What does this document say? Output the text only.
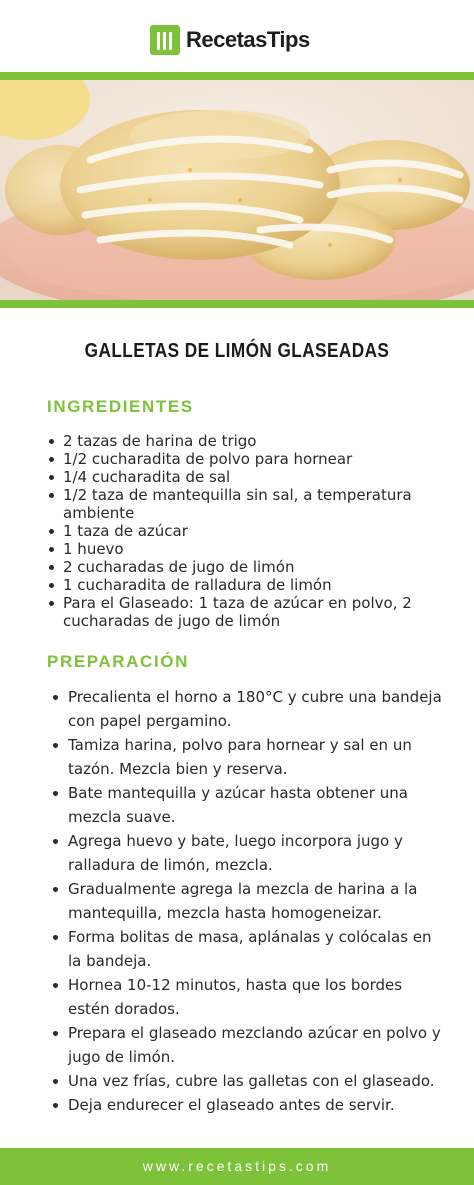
RecetasTips
GALLETAS DE LIMÓN GLASEADAS
INGREDIENTES
2 tazas de harina de trigo
1/2 cucharadita de polvo para hornear
1/4 cucharadita de sal
1/2 taza de mantequilla sin sal, a temperatura ambiente
1 taza de azúcar
1 huevo
2 cucharadas de jugo de limón
1 cucharadita de ralladura de limón
Para el Glaseado: 1 taza de azúcar en polvo, 2 cucharadas de jugo de limón
PREPARACIÓN
Precalienta el horno a 180°C y cubre una bandeja con papel pergamino.
Tamiza harina, polvo para hornear y sal en un tazón. Mezcla bien y reserva.
Bate mantequilla y azúcar hasta obtener una mezcla suave.
Agrega huevo y bate, luego incorpora jugo y ralladura de limón, mezcla.
Gradualmente agrega la mezcla de harina a la mantequilla, mezcla hasta homogeneizar.
Forma bolitas de masa, aplánalas y colócalas en la bandeja.
Hornea 10-12 minutos, hasta que los bordes estén dorados.
Prepara el glaseado mezclando azúcar en polvo y jugo de limón.
Una vez frías, cubre las galletas con el glaseado.
Deja endurecer el glaseado antes de servir.
www.recetastips.com
